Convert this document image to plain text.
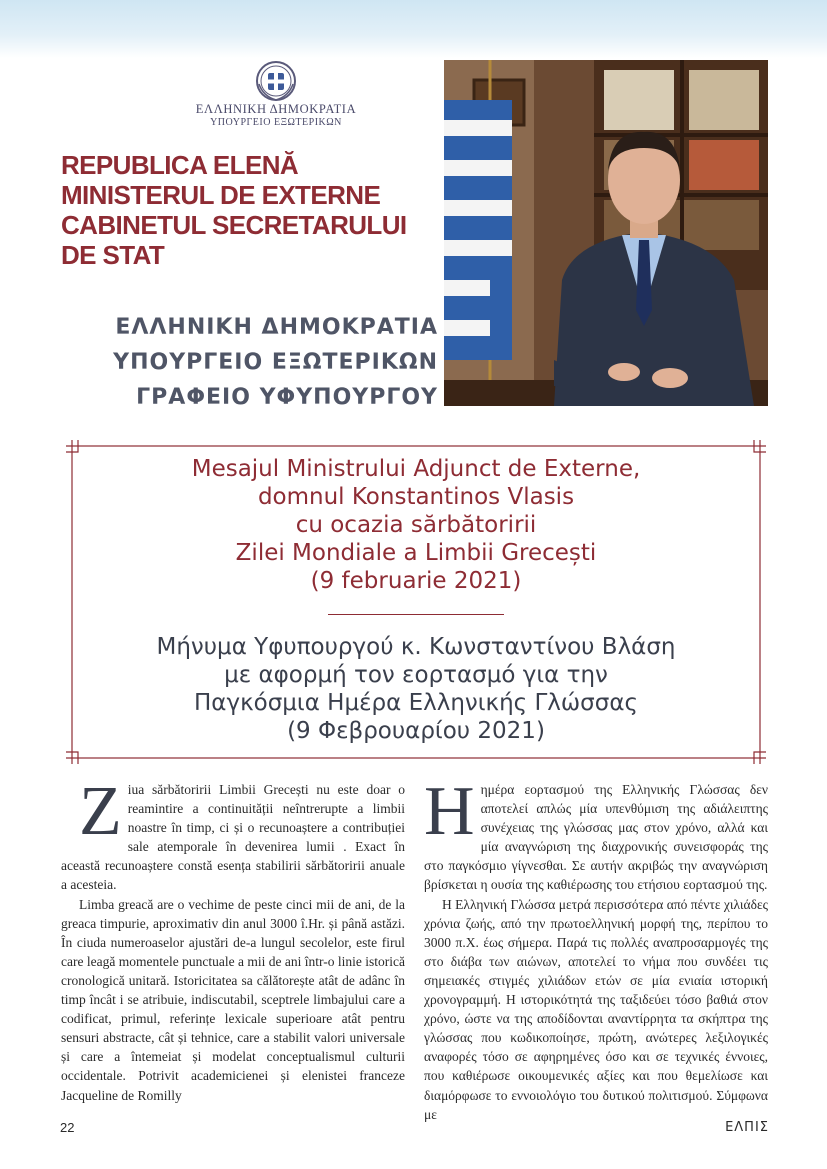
ΕΛΛΗΝΙΚΗ ΔΗΜΟΚΡΑΤΙΑ
ΥΠΟΥΡΓΕΙΟ ΕΞΩΤΕΡΙΚΩΝ
REPUBLICA ELENĂ
MINISTERUL DE EXTERNE
CABINETUL SECRETARULUI
DE STAT
ΕΛΛΗΝΙΚΗ ΔΗΜΟΚΡΑΤΙΑ
ΥΠΟΥΡΓΕΙΟ ΕΞΩΤΕΡΙΚΩΝ
ΓΡΑΦΕΙΟ ΥΦΥΠΟΥΡΓΟΥ
Mesajul Ministrului Adjunct de Externe,
domnul Konstantinos Vlasis
cu ocazia sărbătoririi
Zilei Mondiale a Limbii Grecești
(9 februarie 2021)
Μήνυμα Υφυπουργού κ. Κωνσταντίνου Βλάση
με αφορμή τον εορτασμό για την
Παγκόσμια Ημέρα Ελληνικής Γλώσσας
(9 Φεβρουαρίου 2021)

Ziua sărbătoririi Limbii Grecești nu este doar o reamintire a continuității neîntrerupte a limbii noastre în timp, ci și o recunoaștere a contribuției sale atemporale în devenirea lumii . Exact în această recunoaștere constă esența stabilirii sărbătoririi anuale a acesteia.

Limba greacă are o vechime de peste cinci mii de ani, de la greaca timpurie, aproximativ din anul 3000 î.Hr. și până astăzi. În ciuda numeroaselor ajustări de-a lungul secolelor, este firul care leagă momentele punctuale a mii de ani într-o linie istorică cronologică unitară. Istoricitatea sa călătorește atât de adânc în timp încât i se atribuie, indiscutabil, sceptrele limbajului care a codificat, primul, referințe lexicale superioare atât pentru sensuri abstracte, cât și tehnice, care a stabilit valori universale și care a întemeiat și modelat conceptualismul culturii occidentale. Potrivit academicienei și elenistei franceze Jacqueline de Romilly

Ηημέρα εορτασμού της Ελληνικής Γλώσσας δεν αποτελεί απλώς μία υπενθύμιση της αδιάλειπτης συνέχειας της γλώσσας μας στον χρόνο, αλλά και μία αναγνώριση της διαχρονικής συνεισφοράς της στο παγκόσμιο γίγνεσθαι. Σε αυτήν ακριβώς την αναγνώριση βρίσκεται η ουσία της καθιέρωσης του ετήσιου εορτασμού της.

Η Ελληνική Γλώσσα μετρά περισσότερα από πέντε χιλιάδες χρόνια ζωής, από την πρωτοελληνική μορφή της, περίπου το 3000 π.Χ. έως σήμερα. Παρά τις πολλές αναπροσαρμογές της στο διάβα των αιώνων, αποτελεί το νήμα που συνδέει τις σημειακές στιγμές χιλιάδων ετών σε μία ενιαία ιστορική χρονογραμμή. Η ιστορικότητά της ταξιδεύει τόσο βαθιά στον χρόνο, ώστε να της αποδίδονται αναντίρρητα τα σκήπτρα της γλώσσας που κωδικοποίησε, πρώτη, ανώτερες λεξιλογικές αναφορές τόσο σε αφηρημένες όσο και σε τεχνικές έννοιες, που καθιέρωσε οικουμενικές αξίες και που θεμελίωσε και διαμόρφωσε το εννοιολόγιο του δυτικού πολιτισμού. Σύμφωνα με

22	ΕΛΠΙΣ
